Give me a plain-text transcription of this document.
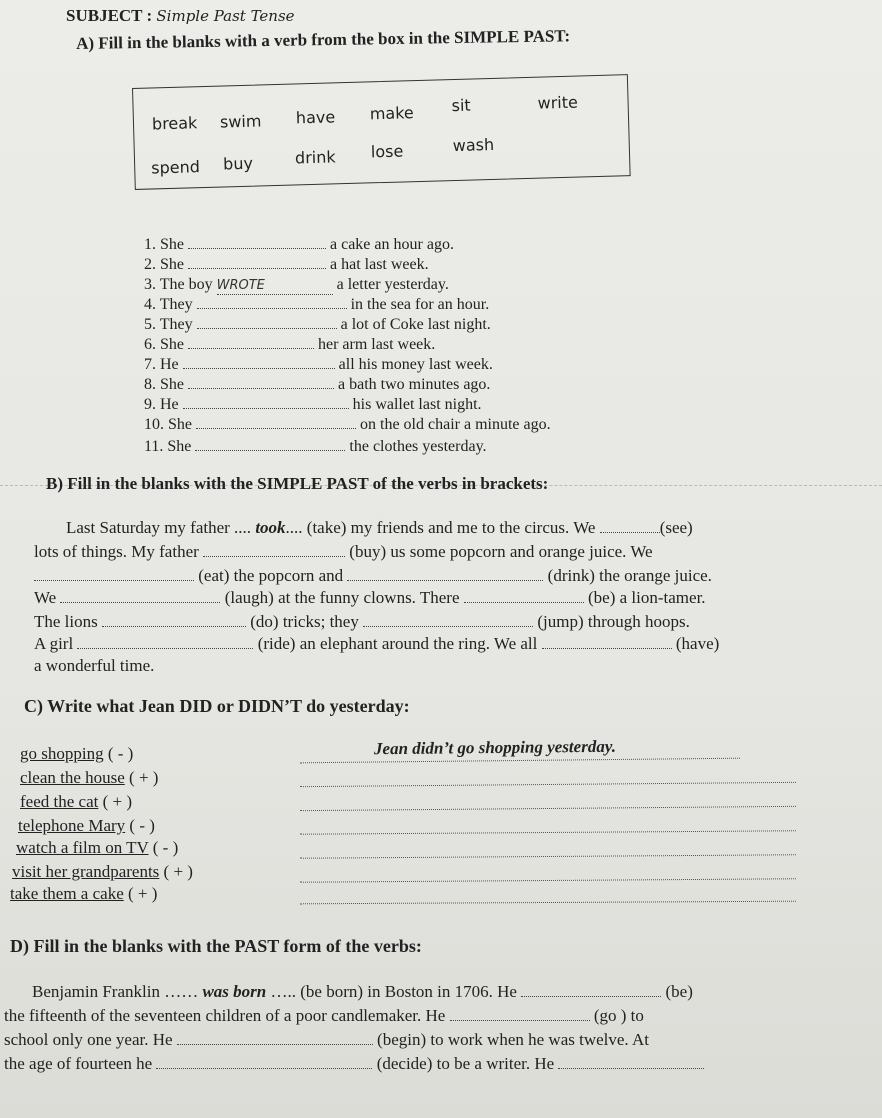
SUBJECT : Simple Past Tense
A) Fill in the blanks with a verb from the box in the SIMPLE PAST:
break swim have make sit	write
spend buy	drink lose	wash
1. She	a cake an hour ago.
2. She	a hat last week.
3. The boy WROTE	a letter yesterday.
4. They	in the sea for an hour.
5. They	a lot of Coke last night.
6. She	her arm last week.
7. He	all his money last week.
8. She	a bath two minutes ago.
9. He	his wallet last night.
10. She	on the old chair a minute ago.
11. She	the clothes yesterday.
B) Fill in the blanks with the SIMPLE PAST of the verbs in brackets:
Last Saturday my father .... took.... (take) my friends and me to the circus. We	(see)
lots of things. My father	(buy) us some popcorn and orange juice. We
(eat) the popcorn and	(drink) the orange juice.
We	(laugh) at the funny clowns. There	(be) a lion-tamer.
The lions	(do) tricks; they	(jump) through hoops.
A girl	(ride) an elephant around the ring. We all	(have)
a wonderful time.
C) Write what Jean DID or DIDN’T do yesterday:
go shopping ( - )
clean the house ( + )
feed the cat ( + )
telephone Mary ( - )
watch a film on TV ( - )
visit her grandparents ( + )
take them a cake ( + )
Jean didn’t go shopping yesterday.
D) Fill in the blanks with the PAST form of the verbs:
Benjamin Franklin …… was born ….. (be born) in Boston in 1706. He	(be)
the fifteenth of the seventeen children of a poor candlemaker. He	(go ) to
school only one year. He	(begin) to work when he was twelve. At
the age of fourteen he	(decide) to be a writer. He
